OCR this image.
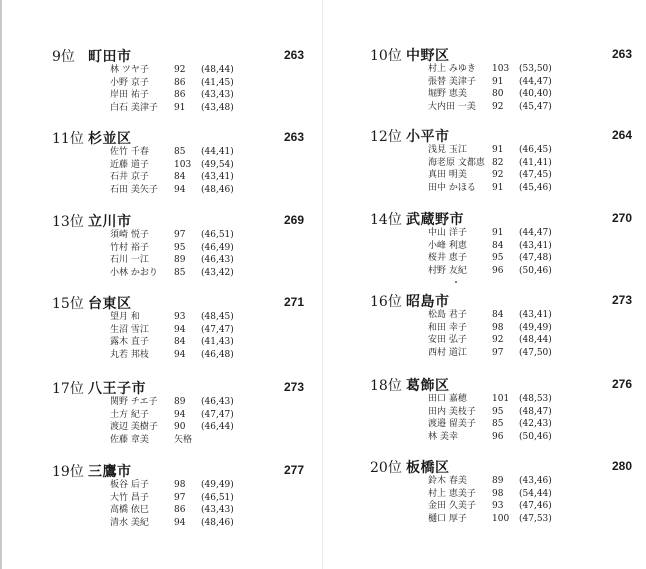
9位 町田市	263
林 ツヤ子	92 (48,44)
小野 京子	86 (41,45)
岸田 祐子	86 (43,43)
白石 美津子 91 (43,48)
10位 中野区	263
村上 みゆき 103 (53,50)
張替 美津子 91 (44,47)
堀野 恵美	80 (40,40)
大内田 一美 92 (45,47)
11位 杉並区	263
佐竹 千春	85 (44,41)
近藤 道子	103 (49,54)
石井 京子	84 (43,41)
石田 美矢子 94 (48,46)
12位 小平市	264
浅見 玉江	91 (46,45)
海老原 文都恵 82 (41,41)
真田 明美	92 (47,45)
田中 かほる 91 (45,46)
13位 立川市	269
須崎 悦子	97 (46,51)
竹村 裕子	95 (46,49)
石川 一江	89 (46,43)
小林 かおり 85 (43,42)
14位 武蔵野市	270
中山 洋子	91 (44,47)
小峰 利恵	84 (43,41)
桜井 恵子	95 (47,48)
村野 友紀	96 (50,46)
15位 台東区	271
望月 和	93 (48,45)
生沼 雪江	94 (47,47)
露木 直子	84 (41,43)
丸若 邦枝	94 (46,48)
16位 昭島市	273
松島 君子	84 (43,41)
和田 幸子	98 (49,49)
安田 弘子	92 (48,44)
西村 道江	97 (47,50)
17位 八王子市	273
関野 チエ子 89 (46,43)
土方 紀子	94 (47,47)
渡辺 美樹子 90 (46,44)
佐藤 章美	矢格
18位 葛飾区	276
田口 嘉穂	101 (48,53)
田内 美枝子 95 (48,47)
渡邉 留美子 85 (42,43)
林 美幸	96 (50,46)
19位 三鷹市	277
板谷 后子	98 (49,49)
大竹 昌子	97 (46,51)
高橋 依巳	86 (43,43)
清水 美紀	94 (48,46)
20位 板橋区	280
鈴木 春美	89 (43,46)
村上 恵美子 98 (54,44)
金田 久美子 93 (47,46)
樋口 厚子	100 (47,53)
